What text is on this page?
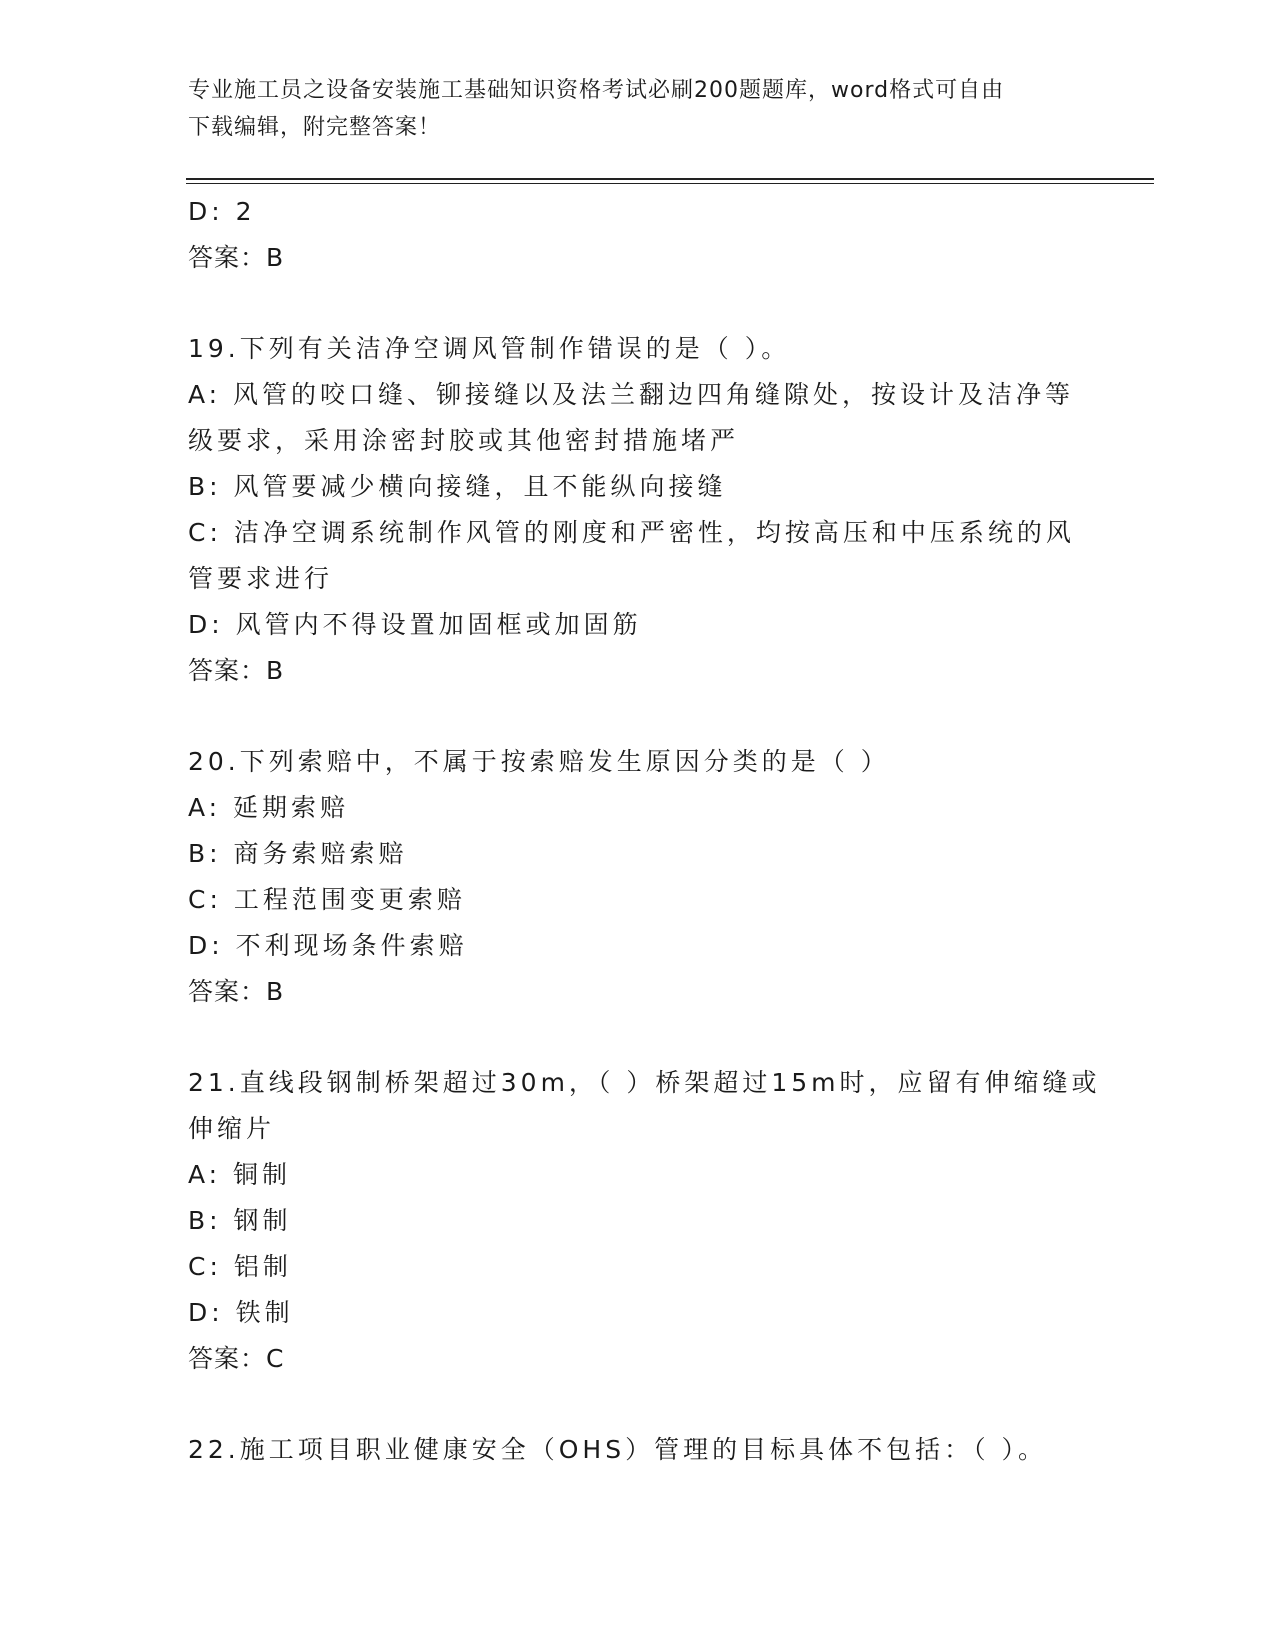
专业施工员之设备安装施工基础知识资格考试必刷200题题库，word格式可自由
下载编辑，附完整答案！
D: 2
答案：B
19.下列有关洁净空调风管制作错误的是（ ）。
A: 风管的咬口缝、铆接缝以及法兰翻边四角缝隙处，按设计及洁净等
级要求，采用涂密封胶或其他密封措施堵严
B: 风管要减少横向接缝，且不能纵向接缝
C: 洁净空调系统制作风管的刚度和严密性，均按高压和中压系统的风
管要求进行
D: 风管内不得设置加固框或加固筋
答案：B
20.下列索赔中，不属于按索赔发生原因分类的是（ ）
A: 延期索赔
B: 商务索赔索赔
C: 工程范围变更索赔
D: 不利现场条件索赔
答案：B
21.直线段钢制桥架超过30m，（ ）桥架超过15m时，应留有伸缩缝或
伸缩片
A: 铜制
B: 钢制
C: 铝制
D: 铁制
答案：C
22.施工项目职业健康安全（OHS）管理的目标具体不包括：（ ）。
